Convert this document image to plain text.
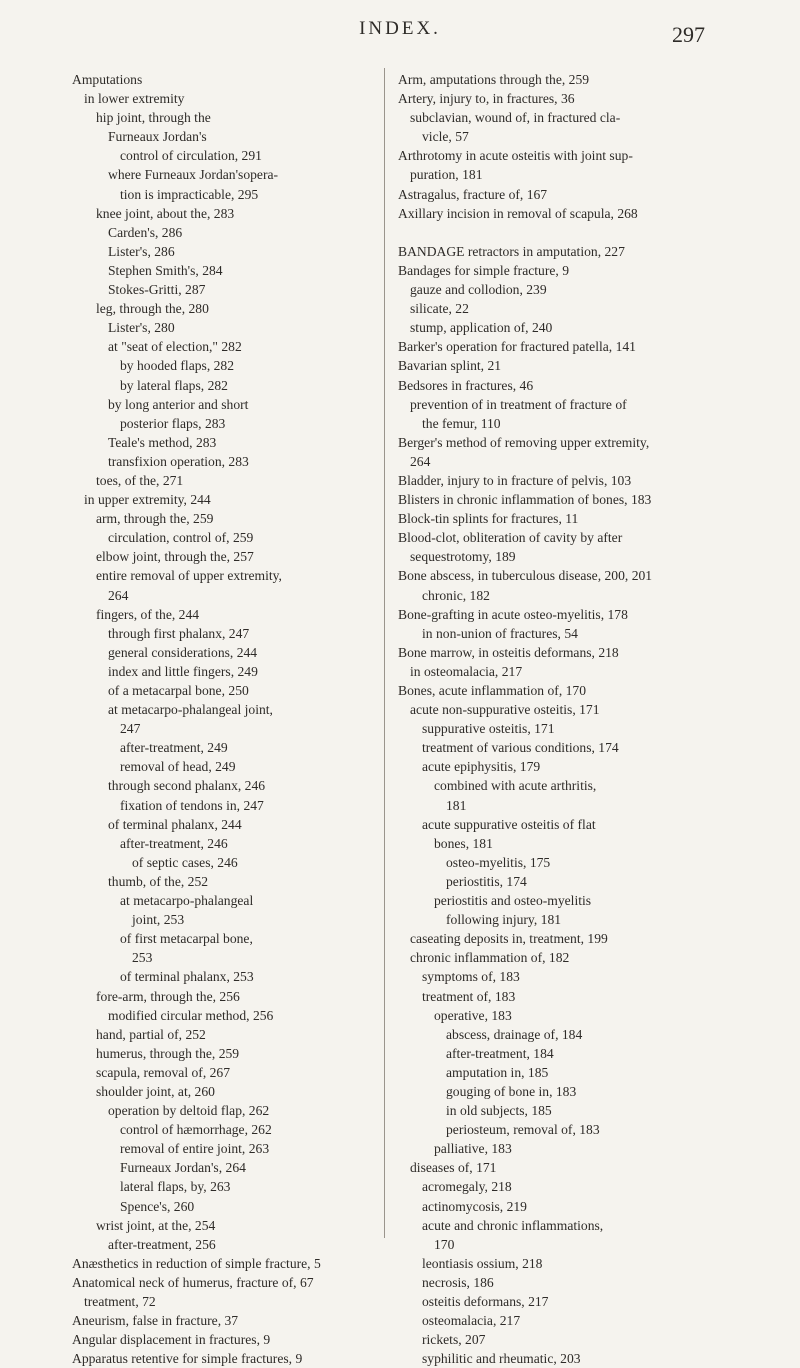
INDEX.	297
Amputations
in lower extremity
hip joint, through the
Furneaux Jordan's
control of circulation, 291
where Furneaux Jordan'sopera-
tion is impracticable, 295
knee joint, about the, 283
Carden's, 286
Lister's, 286
Stephen Smith's, 284
Stokes-Gritti, 287
leg, through the, 280
Lister's, 280
at "seat of election," 282
by hooded flaps, 282
by lateral flaps, 282
by long anterior and short
posterior flaps, 283
Teale's method, 283
transfixion operation, 283
toes, of the, 271
in upper extremity, 244
arm, through the, 259
circulation, control of, 259
elbow joint, through the, 257
entire removal of upper extremity,
264
fingers, of the, 244
through first phalanx, 247
general considerations, 244
index and little fingers, 249
of a metacarpal bone, 250
at metacarpo-phalangeal joint,
247
after-treatment, 249
removal of head, 249
through second phalanx, 246
fixation of tendons in, 247
of terminal phalanx, 244
after-treatment, 246
of septic cases, 246
thumb, of the, 252
at metacarpo-phalangeal
joint, 253
of first metacarpal bone,
253
of terminal phalanx, 253
fore-arm, through the, 256
modified circular method, 256
hand, partial of, 252
humerus, through the, 259
scapula, removal of, 267
shoulder joint, at, 260
operation by deltoid flap, 262
control of hæmorrhage, 262
removal of entire joint, 263
Furneaux Jordan's, 264
lateral flaps, by, 263
Spence's, 260
wrist joint, at the, 254
after-treatment, 256
Anæsthetics in reduction of simple fracture, 5
Anatomical neck of humerus, fracture of, 67
treatment, 72
Aneurism, false in fracture, 37
Angular displacement in fractures, 9
Apparatus retentive for simple fractures, 9
Arm, amputations through the, 259
Artery, injury to, in fractures, 36
subclavian, wound of, in fractured cla-
vicle, 57
Arthrotomy in acute osteitis with joint sup-
puration, 181
Astragalus, fracture of, 167
Axillary incision in removal of scapula, 268

BANDAGE retractors in amputation, 227
Bandages for simple fracture, 9
gauze and collodion, 239
silicate, 22
stump, application of, 240
Barker's operation for fractured patella, 141
Bavarian splint, 21
Bedsores in fractures, 46
prevention of in treatment of fracture of
the femur, 110
Berger's method of removing upper extremity,
264
Bladder, injury to in fracture of pelvis, 103
Blisters in chronic inflammation of bones, 183
Block-tin splints for fractures, 11
Blood-clot, obliteration of cavity by after
sequestrotomy, 189
Bone abscess, in tuberculous disease, 200, 201
chronic, 182
Bone-grafting in acute osteo-myelitis, 178
in non-union of fractures, 54
Bone marrow, in osteitis deformans, 218
in osteomalacia, 217
Bones, acute inflammation of, 170
acute non-suppurative osteitis, 171
suppurative osteitis, 171
treatment of various conditions, 174
acute epiphysitis, 179
combined with acute arthritis,
181
acute suppurative osteitis of flat
bones, 181
osteo-myelitis, 175
periostitis, 174
periostitis and osteo-myelitis
following injury, 181
caseating deposits in, treatment, 199
chronic inflammation of, 182
symptoms of, 183
treatment of, 183
operative, 183
abscess, drainage of, 184
after-treatment, 184
amputation in, 185
gouging of bone in, 183
in old subjects, 185
periosteum, removal of, 183
palliative, 183
diseases of, 171
acromegaly, 218
actinomycosis, 219
acute and chronic inflammations,
170
leontiasis ossium, 218
necrosis, 186
osteitis deformans, 217
osteomalacia, 217
rickets, 207
syphilitic and rheumatic, 203
